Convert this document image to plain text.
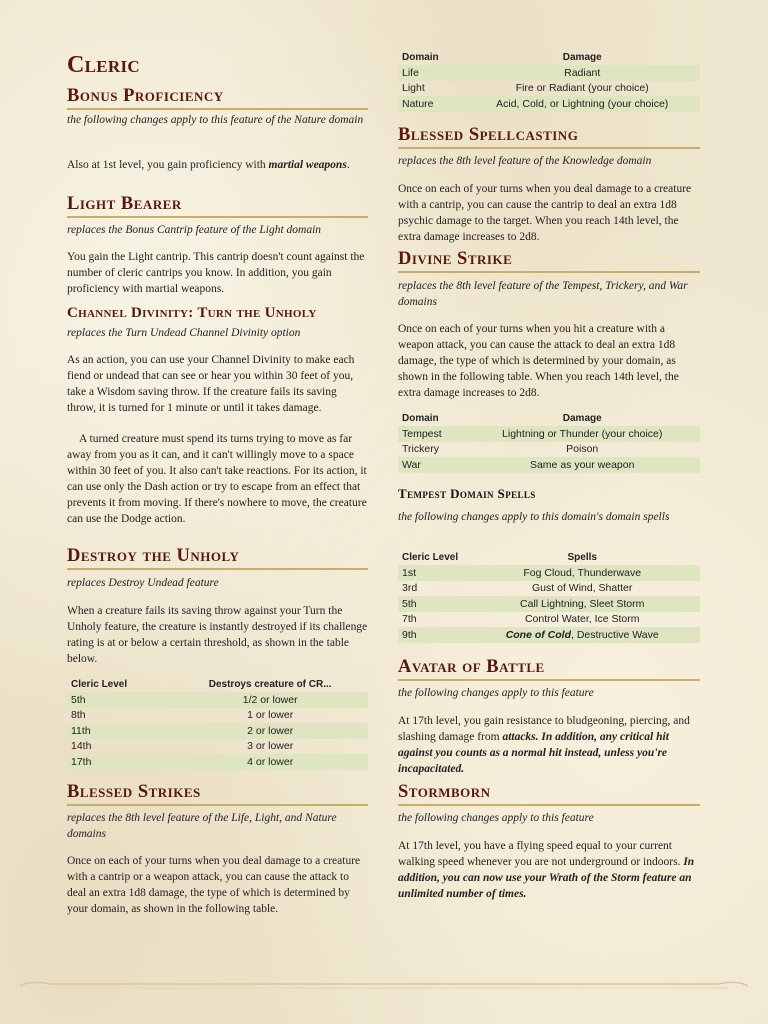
Cleric
Bonus Proficiency
the following changes apply to this feature of the Nature domain

Also at 1st level, you gain proficiency with martial weapons.

Light Bearer
replaces the Bonus Cantrip feature of the Light domain

You gain the Light cantrip. This cantrip doesn't count against the number of cleric cantrips you know. In addition, you gain proficiency with martial weapons.

Channel Divinity: Turn the Unholy
replaces the Turn Undead Channel Divinity option

As an action, you can use your Channel Divinity to make each fiend or undead that can see or hear you within 30 feet of you, take a Wisdom saving throw. If the creature fails its saving throw, it is turned for 1 minute or until it takes damage.

A turned creature must spend its turns trying to move as far away from you as it can, and it can't willingly move to a space within 30 feet of you. It also can't take reactions. For its action, it can use only the Dash action or try to escape from an effect that prevents it from moving. If there's nowhere to move, the creature can use the Dodge action.

Destroy the Unholy
replaces Destroy Undead feature

When a creature fails its saving throw against your Turn the Unholy feature, the creature is instantly destroyed if its challenge rating is at or below a certain threshold, as shown in the table below.

Cleric Level	Destroys creature of CR...
5th	1/2 or lower
8th	1 or lower
11th	2 or lower
14th	3 or lower
17th	4 or lower
Blessed Strikes
replaces the 8th level feature of the Life, Light, and Nature domains

Once on each of your turns when you deal damage to a creature with a cantrip or a weapon attack, you can cause the attack to deal an extra 1d8 damage, the type of which is determined by your domain, as shown in the following table.

Domain	Damage
Life	Radiant
Light	Fire or Radiant (your choice)
Nature	Acid, Cold, or Lightning (your choice)
Blessed Spellcasting
replaces the 8th level feature of the Knowledge domain

Once on each of your turns when you deal damage to a creature with a cantrip, you can cause the cantrip to deal an extra 1d8 psychic damage to the target. When you reach 14th level, the extra damage increases to 2d8.

Divine Strike
replaces the 8th level feature of the Tempest, Trickery, and War domains

Once on each of your turns when you hit a creature with a weapon attack, you can cause the attack to deal an extra 1d8 damage, the type of which is determined by your domain, as shown in the following table. When you reach 14th level, the extra damage increases to 2d8.

Domain	Damage
Tempest	Lightning or Thunder (your choice)
Trickery	Poison
War	Same as your weapon
Tempest Domain Spells
the following changes apply to this domain's domain spells
Cleric Level	Spells
1st	Fog Cloud, Thunderwave
3rd	Gust of Wind, Shatter
5th	Call Lightning, Sleet Storm
7th	Control Water, Ice Storm
9th	Cone of Cold, Destructive Wave
Avatar of Battle
the following changes apply to this feature

At 17th level, you gain resistance to bludgeoning, piercing, and slashing damage from attacks. In addition, any critical hit against you counts as a normal hit instead, unless you're incapacitated.

Stormborn
the following changes apply to this feature

At 17th level, you have a flying speed equal to your current walking speed whenever you are not underground or indoors. In addition, you can now use your Wrath of the Storm feature an unlimited number of times.
